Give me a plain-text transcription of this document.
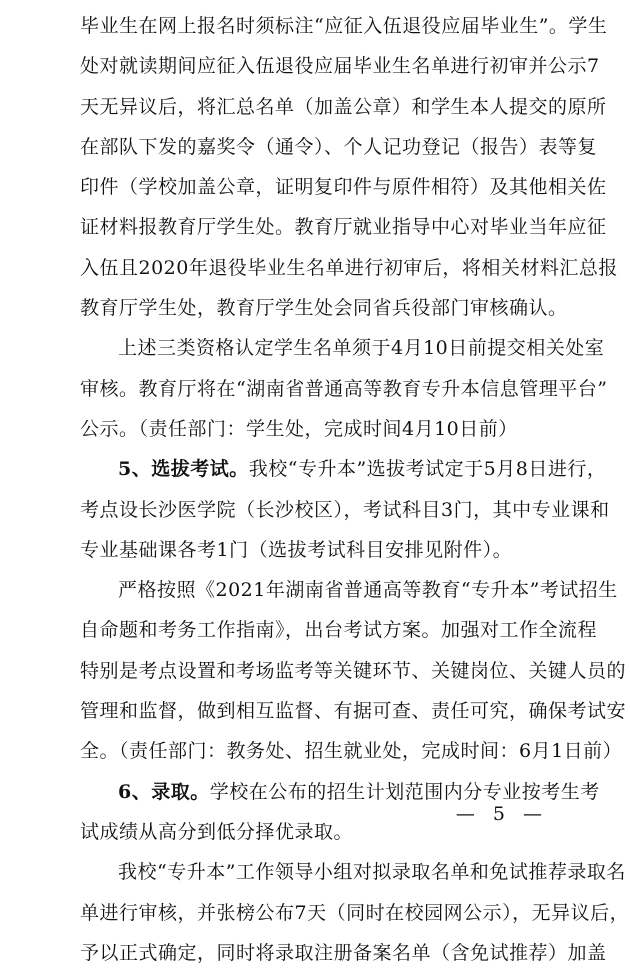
毕业生在网上报名时须标注“应征入伍退役应届毕业生”。学生
处对就读期间应征入伍退役应届毕业生名单进行初审并公示7
天无异议后，将汇总名单（加盖公章）和学生本人提交的原所
在部队下发的嘉奖令（通令）、个人记功登记（报告）表等复
印件（学校加盖公章，证明复印件与原件相符）及其他相关佐
证材料报教育厅学生处。教育厅就业指导中心对毕业当年应征
入伍且2020年退役毕业生名单进行初审后，将相关材料汇总报
教育厅学生处，教育厅学生处会同省兵役部门审核确认。
上述三类资格认定学生名单须于4月10日前提交相关处室
审核。教育厅将在“湖南省普通高等教育专升本信息管理平台”
公示。（责任部门：学生处，完成时间4月10日前）
5、选拔考试。我校“专升本”选拔考试定于5月8日进行，
考点设长沙医学院（长沙校区），考试科目3门，其中专业课和
专业基础课各考1门（选拔考试科目安排见附件）。
严格按照《2021年湖南省普通高等教育“专升本”考试招生
自命题和考务工作指南》，出台考试方案。加强对工作全流程
特别是考点设置和考场监考等关键环节、关键岗位、关键人员的
管理和监督，做到相互监督、有据可查、责任可究，确保考试安
全。（责任部门：教务处、招生就业处，完成时间：6月1日前）
6、录取。学校在公布的招生计划范围内分专业按考生考
试成绩从高分到低分择优录取。
我校“专升本”工作领导小组对拟录取名单和免试推荐录取名
单进行审核，并张榜公布7天（同时在校园网公示），无异议后，
予以正式确定，同时将录取注册备案名单（含免试推荐）加盖
— 5 —
